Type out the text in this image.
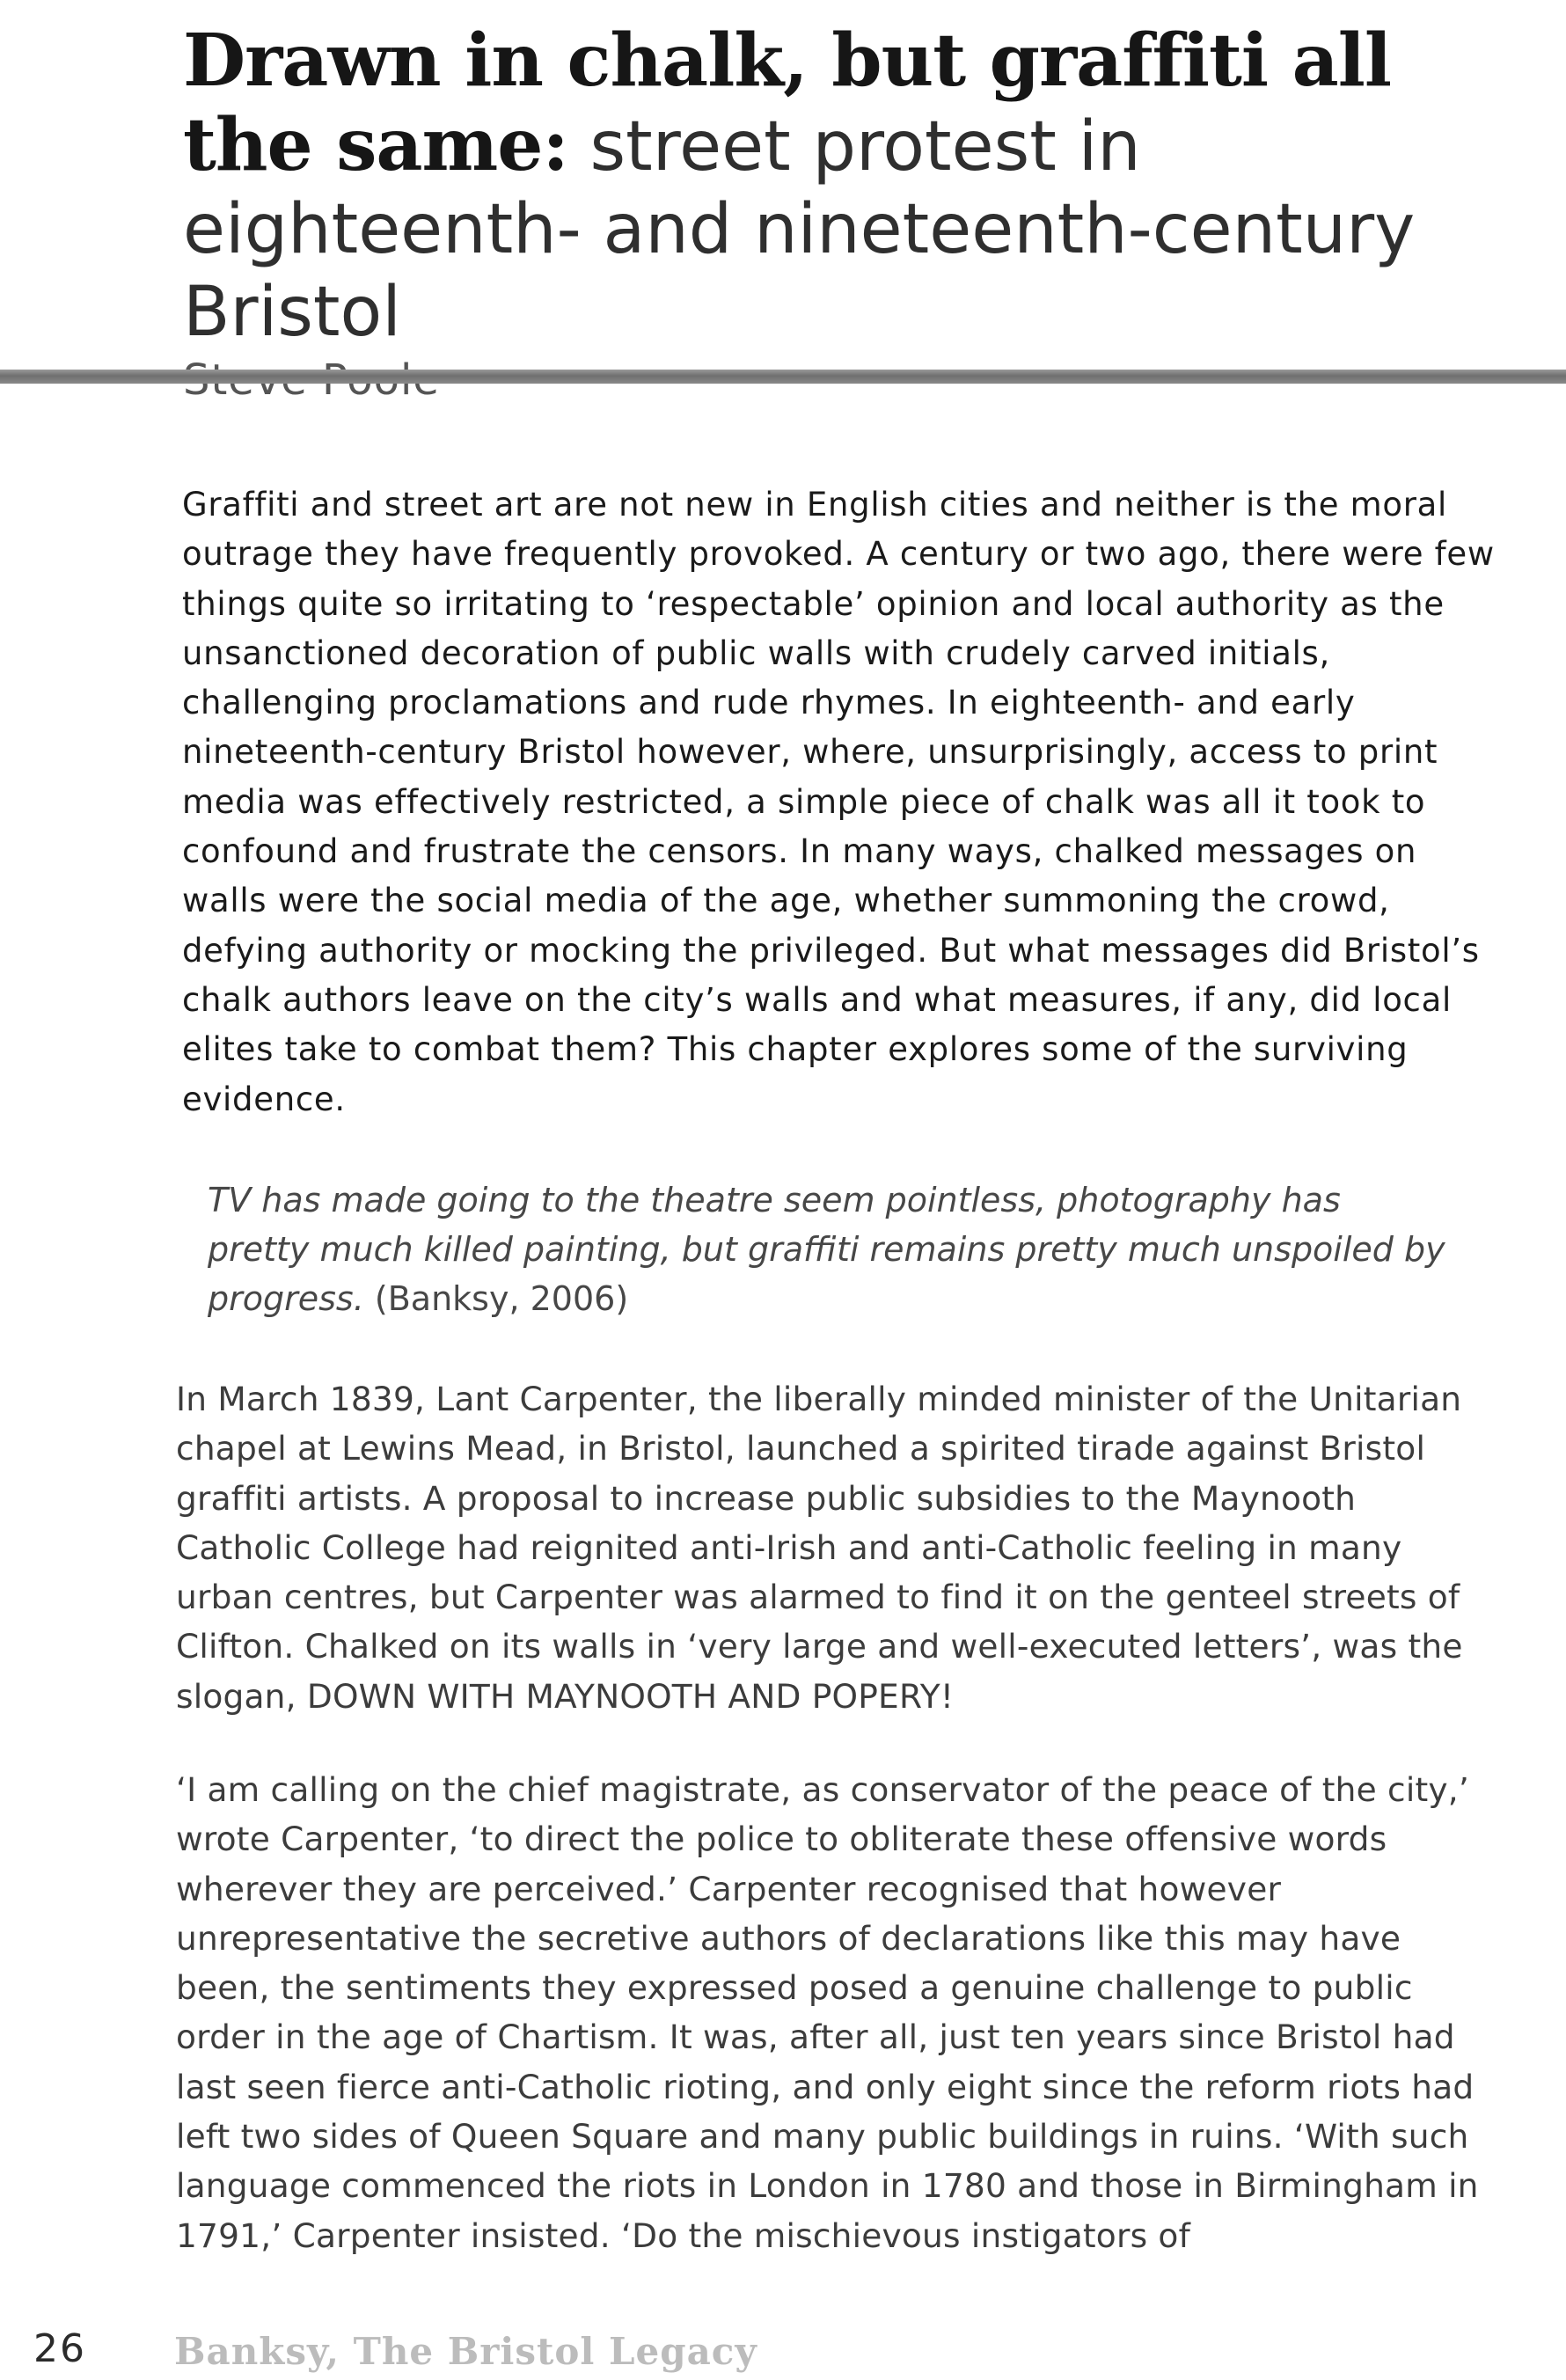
Drawn in chalk, but graffiti all the same: street protest in eighteenth- and nineteenth-century Bristol

Graffiti and street art are not new in English cities and neither is the moral outrage they have frequently provoked. A century or two ago, there were few things quite so irritating to ‘respectable’ opinion and local authority as the unsanctioned decoration of public walls with crudely carved initials, challenging proclamations and rude rhymes. In eighteenth- and early nineteenth-century Bristol however, where, unsurprisingly, access to print media was effectively restricted, a simple piece of chalk was all it took to confound and frustrate the censors. In many ways, chalked messages on walls were the social media of the age, whether summoning the crowd, defying authority or mocking the privileged. But what messages did Bristol’s chalk authors leave on the city’s walls and what measures, if any, did local elites take to combat them? This chapter explores some of the surviving evidence.

TV has made going to the theatre seem pointless, photography has pretty much killed painting, but graffiti remains pretty much unspoiled by progress. (Banksy, 2006)

In March 1839, Lant Carpenter, the liberally minded minister of the Unitarian chapel at Lewins Mead, in Bristol, launched a spirited tirade against Bristol graffiti artists. A proposal to increase public subsidies to the Maynooth Catholic College had reignited anti-Irish and anti-Catholic feeling in many urban centres, but Carpenter was alarmed to find it on the genteel streets of Clifton. Chalked on its walls in ‘very large and well-executed letters’, was the slogan, DOWN WITH MAYNOOTH AND POPERY!

‘I am calling on the chief magistrate, as conservator of the peace of the city,’ wrote Carpenter, ‘to direct the police to obliterate these offensive words wherever they are perceived.’ Carpenter recognised that however unrepresentative the secretive authors of declarations like this may have been, the sentiments they expressed posed a genuine challenge to public order in the age of Chartism. It was, after all, just ten years since Bristol had last seen fierce anti-Catholic rioting, and only eight since the reform riots had left two sides of Queen Square and many public buildings in ruins. ‘With such language commenced the riots in London in 1780 and those in Birmingham in 1791,’ Carpenter insisted. ‘Do the mischievous instigators of

26 Banksy, The Bristol Legacy
